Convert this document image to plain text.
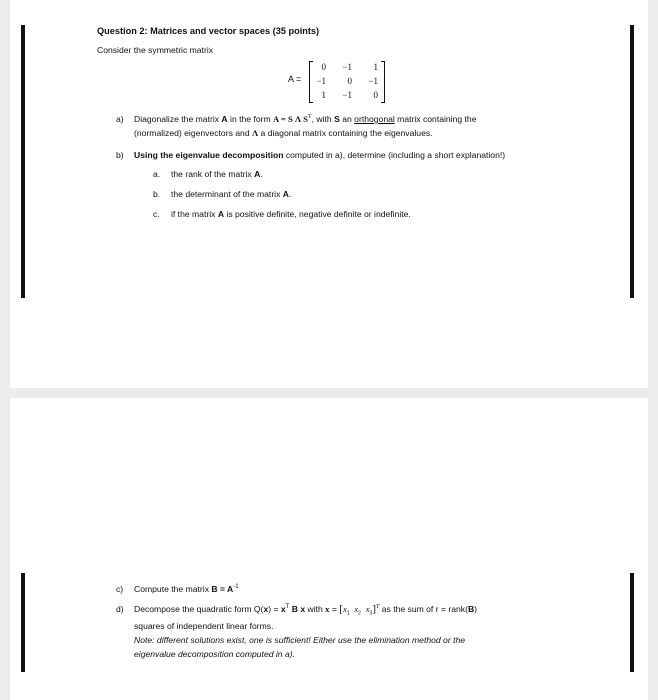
Question 2: Matrices and vector spaces (35 points)
Consider the symmetric matrix
A =
0	−1	1
−1	0	−1
1	−1	0
a) Diagonalize the matrix A in the form A = S Λ $S^T$, with S an orthogonal matrix containing the
(normalized) eigenvectors and Λ a diagonal matrix containing the eigenvalues.
b) Using the eigenvalue decomposition computed in a), determine (including a short explanation!)
a. the rank of the matrix A.
b. the determinant of the matrix A.
c. if the matrix A is positive definite, negative definite or indefinite.
c) Compute the matrix $B = A^{-1}$
d) Decompose the quadratic form $Q(x) = x^T$ B x with $x = [x_1$ $x_2$ $x_3]^T$ as the sum of r = rank(B)
squares of independent linear forms.
Note: different solutions exist, one is sufficient! Either use the elimination method or the
eigenvalue decomposition computed in a).
